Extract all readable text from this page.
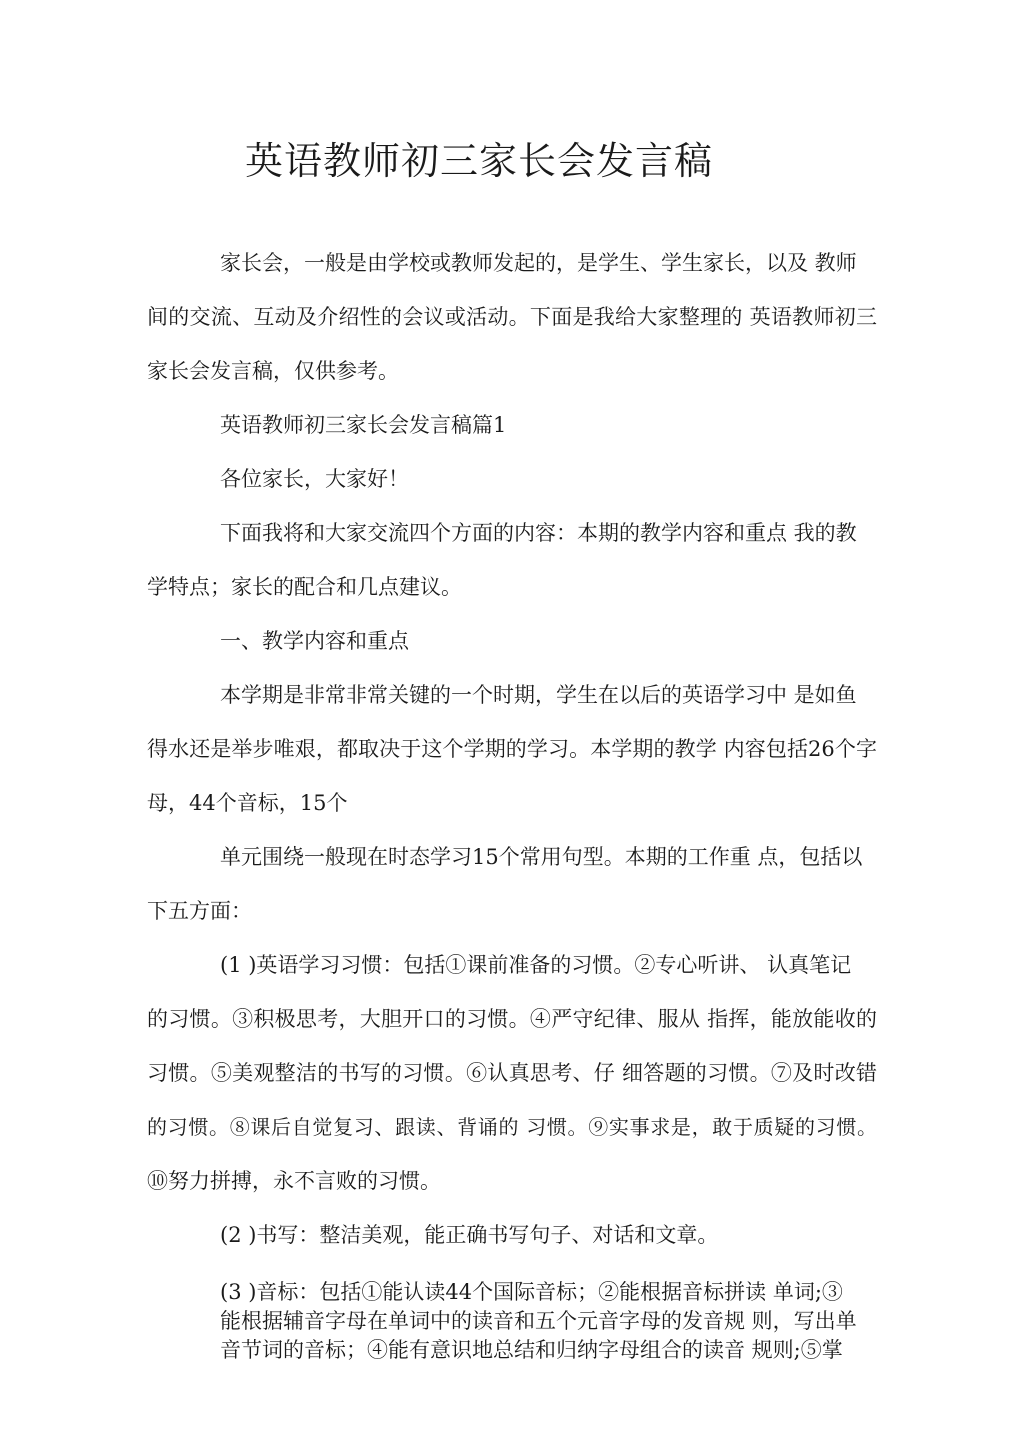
英语教师初三家长会发言稿
家长会，一般是由学校或教师发起的，是学生、学生家长，以及 教师
间的交流、互动及介绍性的会议或活动。下面是我给大家整理的 英语教师初三
家长会发言稿，仅供参考。
英语教师初三家长会发言稿篇1
各位家长，大家好！
下面我将和大家交流四个方面的内容：本期的教学内容和重点 我的教
学特点；家长的配合和几点建议。
一、教学内容和重点
本学期是非常非常关键的一个时期，学生在以后的英语学习中 是如鱼
得水还是举步唯艰，都取决于这个学期的学习。本学期的教学 内容包括26个字
母，44个音标，15个
单元围绕一般现在时态学习15个常用句型。本期的工作重 点，包括以
下五方面：
(1 )英语学习习惯：包括①课前准备的习惯。②专心听讲、 认真笔记
的习惯。③积极思考，大胆开口的习惯。④严守纪律、服从 指挥，能放能收的
习惯。⑤美观整洁的书写的习惯。⑥认真思考、仔 细答题的习惯。⑦及时改错
的习惯。⑧课后自觉复习、跟读、背诵的 习惯。⑨实事求是，敢于质疑的习惯。
⑩努力拼搏，永不言败的习惯。
(2 )书写：整洁美观，能正确书写句子、对话和文章。
(3 )音标：包括①能认读44个国际音标；②能根据音标拼读 单词;③
能根据辅音字母在单词中的读音和五个元音字母的发音规 则，写出单
音节词的音标；④能有意识地总结和归纳字母组合的读音 规则;⑤掌
